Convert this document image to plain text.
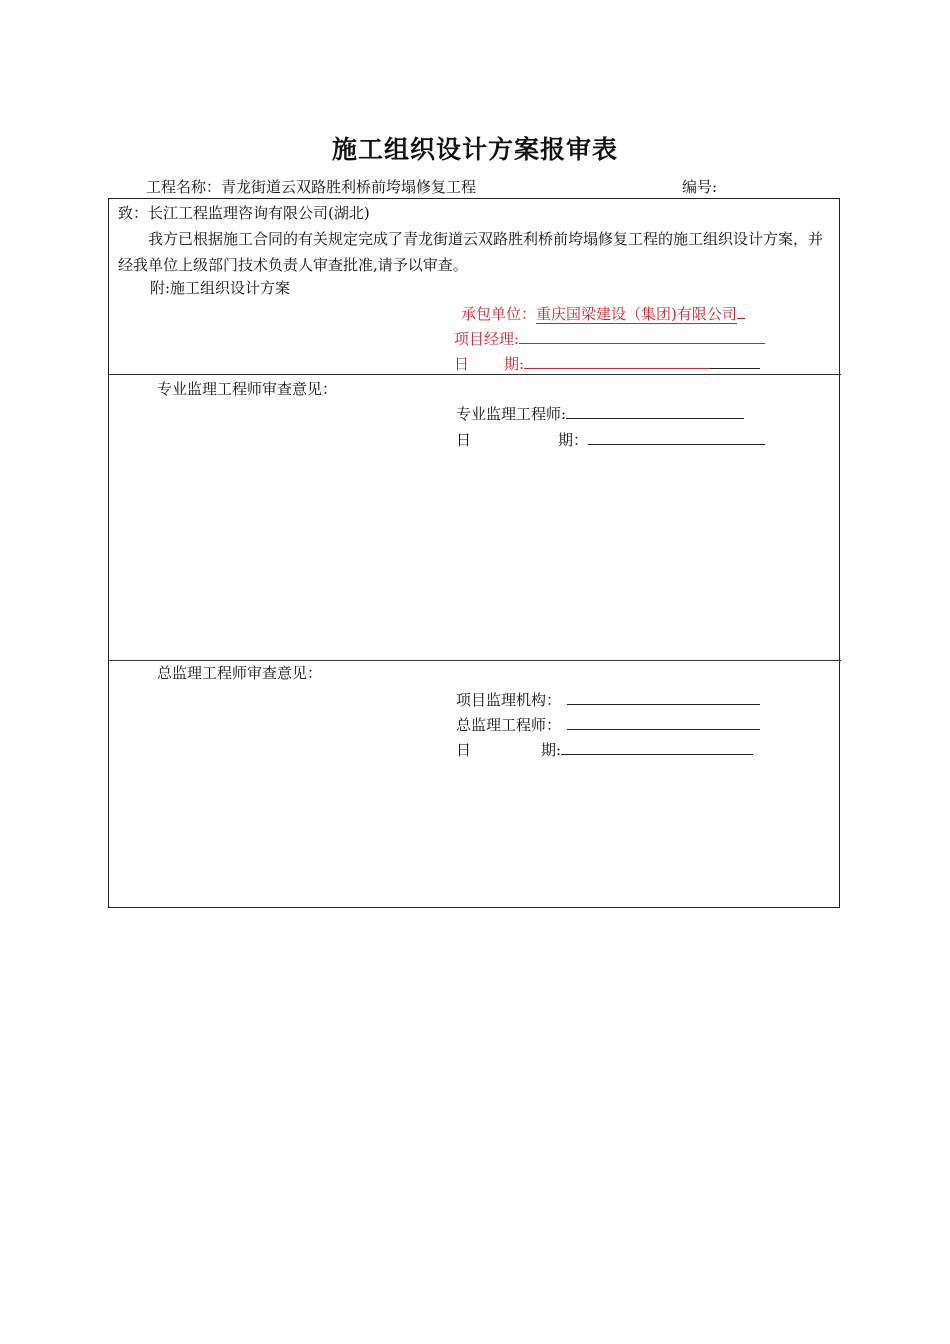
施工组织设计方案报审表
工程名称：青龙街道云双路胜利桥前垮塌修复工程	编号:
致：长江工程监理咨询有限公司(湖北)
我方已根据施工合同的有关规定完成了青龙街道云双路胜利桥前垮塌修复工程的施工组织设计方案，并经我单位上级部门技术负责人审查批准,请予以审查。
附:施工组织设计方案
承包单位：重庆国梁建设（集团)有限公司
项目经理:
日 期:
专业监理工程师审查意见：
专业监理工程师:
日	期：
总监理工程师审查意见：
项目监理机构：
总监理工程师：
日	期:
